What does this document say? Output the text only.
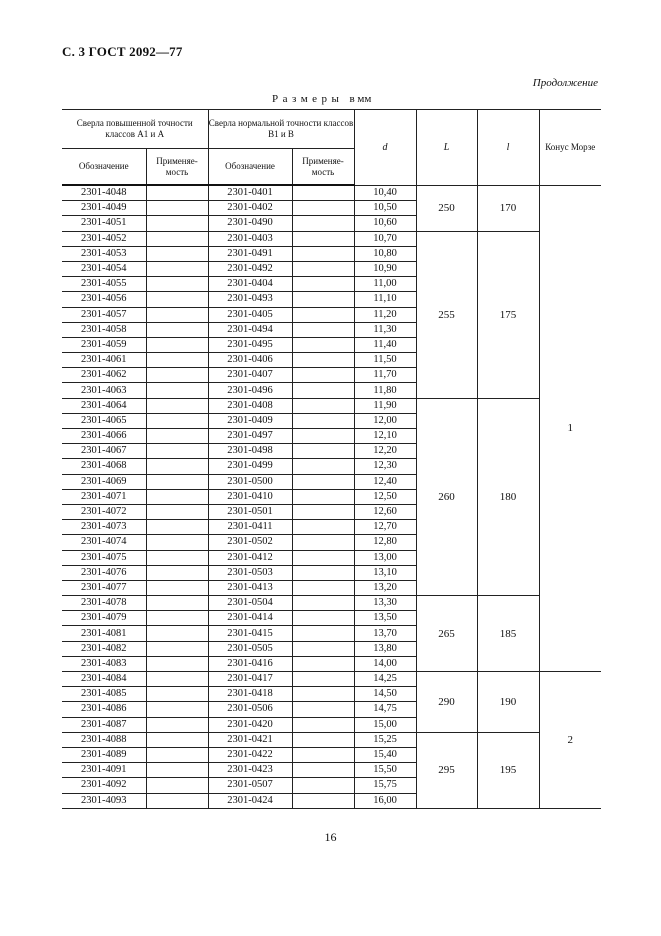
С. 3 ГОСТ 2092—77
Продолжение
Размеры в мм
Сверла повышенной точности классов А1 и А		Сверла нормальной точности классов В1 и В		d	L	l	Конус Морзе
Обозначение	Применяе-мость	Обозначение	Применяе-мость				
2301-4048		2301-0401		10,40	250	170	1
2301-4049		2301-0402		10,50			
2301-4051		2301-0490		10,60			
2301-4052		2301-0403		10,70	255	175	
2301-4053		2301-0491		10,80			
2301-4054		2301-0492		10,90			
2301-4055		2301-0404		11,00			
2301-4056		2301-0493		11,10			
2301-4057		2301-0405		11,20			
2301-4058		2301-0494		11,30			
2301-4059		2301-0495		11,40			
2301-4061		2301-0406		11,50			
2301-4062		2301-0407		11,70			
2301-4063		2301-0496		11,80			
2301-4064		2301-0408		11,90	260	180	
2301-4065		2301-0409		12,00			
2301-4066		2301-0497		12,10			
2301-4067		2301-0498		12,20			
2301-4068		2301-0499		12,30			
2301-4069		2301-0500		12,40			
2301-4071		2301-0410		12,50			
2301-4072		2301-0501		12,60			
2301-4073		2301-0411		12,70			
2301-4074		2301-0502		12,80			
2301-4075		2301-0412		13,00			
2301-4076		2301-0503		13,10			
2301-4077		2301-0413		13,20			
2301-4078		2301-0504		13,30	265	185	
2301-4079		2301-0414		13,50			
2301-4081		2301-0415		13,70			
2301-4082		2301-0505		13,80			
2301-4083		2301-0416		14,00			
2301-4084		2301-0417		14,25	290	190	2
2301-4085		2301-0418		14,50			
2301-4086		2301-0506		14,75			
2301-4087		2301-0420		15,00			
2301-4088		2301-0421		15,25	295	195	
2301-4089		2301-0422		15,40			
2301-4091		2301-0423		15,50			
2301-4092		2301-0507		15,75			
2301-4093		2301-0424		16,00			
16
